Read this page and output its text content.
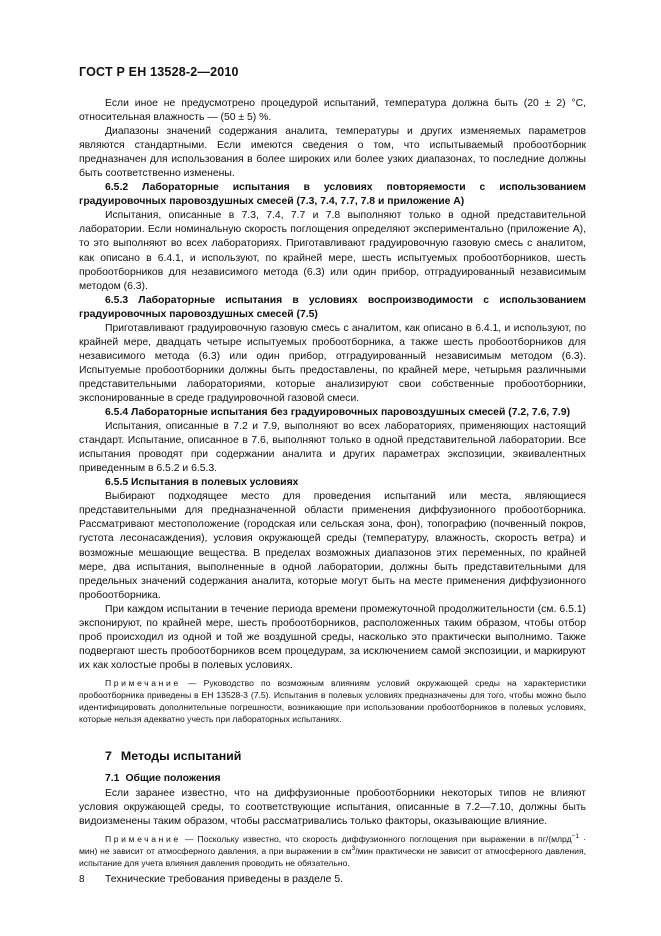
ГОСТ Р ЕН 13528-2—2010

Если иное не предусмотрено процедурой испытаний, температура должна быть (20 ± 2) °С, относительная влажность — (50 ± 5) %.

Диапазоны значений содержания аналита, температуры и других изменяемых параметров являются стандартными. Если имеются сведения о том, что испытываемый пробоотборник предназначен для использования в более широких или более узких диапазонах, то последние должны быть соответственно изменены.

6.5.2 Лабораторные испытания в условиях повторяемости с использованием градуировочных паровоздушных смесей (7.3, 7.4, 7.7, 7.8 и приложение А)

Испытания, описанные в 7.3, 7.4, 7.7 и 7.8 выполняют только в одной представительной лаборатории. Если номинальную скорость поглощения определяют экспериментально (приложение А), то это выполняют во всех лабораториях. Приготавливают градуировочную газовую смесь с аналитом, как описано в 6.4.1, и используют, по крайней мере, шесть испытуемых пробоотборников, шесть пробоотборников для независимого метода (6.3) или один прибор, отградуированный независимым методом (6.3).

6.5.3 Лабораторные испытания в условиях воспроизводимости с использованием градуировочных паровоздушных смесей (7.5)

Приготавливают градуировочную газовую смесь с аналитом, как описано в 6.4.1, и используют, по крайней мере, двадцать четыре испытуемых пробоотборника, а также шесть пробоотборников для независимого метода (6.3) или один прибор, отградуированный независимым методом (6.3). Испытуемые пробоотборники должны быть предоставлены, по крайней мере, четырьмя различными представительными лабораториями, которые анализируют свои собственные пробоотборники, экспонированные в среде градуировочной газовой смеси.

6.5.4 Лабораторные испытания без градуировочных паровоздушных смесей (7.2, 7.6, 7.9)

Испытания, описанные в 7.2 и 7.9, выполняют во всех лабораториях, применяющих настоящий стандарт. Испытание, описанное в 7.6, выполняют только в одной представительной лаборатории. Все испытания проводят при содержании аналита и других параметрах экспозиции, эквивалентных приведенным в 6.5.2 и 6.5.3.

6.5.5 Испытания в полевых условиях

Выбирают подходящее место для проведения испытаний или места, являющиеся представительными для предназначенной области применения диффузионного пробоотборника. Рассматривают местоположение (городская или сельская зона, фон), топографию (почвенный покров, густота лесонасаждения), условия окружающей среды (температуру, влажность, скорость ветра) и возможные мешающие вещества. В пределах возможных диапазонов этих переменных, по крайней мере, два испытания, выполненные в одной лаборатории, должны быть представительными для предельных значений содержания аналита, которые могут быть на месте применения диффузионного пробоотборника.

При каждом испытании в течение периода времени промежуточной продолжительности (см. 6.5.1) экспонируют, по крайней мере, шесть пробоотборников, расположенных таким образом, чтобы отбор проб происходил из одной и той же воздушной среды, насколько это практически выполнимо. Также подвергают шесть пробоотборников всем процедурам, за исключением самой экспозиции, и маркируют их как холостые пробы в полевых условиях.

Примечание — Руководство по возможным влияниям условий окружающей среды на характеристики пробоотборника приведены в ЕН 13528-3 (7.5). Испытания в полевых условиях предназначены для того, чтобы можно было идентифицировать дополнительные погрешности, возникающие при использовании пробоотборников в полевых условиях, которые нельзя адекватно учесть при лабораторных испытаниях.

7 Методы испытаний

7.1 Общие положения

Если заранее известно, что на диффузионные пробоотборники некоторых типов не влияют условия окружающей среды, то соответствующие испытания, описанные в 7.2—7.10, должны быть видоизменены таким образом, чтобы рассматривались только факторы, оказывающие влияние.

Примечание — Поскольку известно, что скорость диффузионного поглощения при выражении в пг/(млрд$^{-1}$ · мин) не зависит от атмосферного давления, а при выражении в $см^3$/мин практически не зависит от атмосферного давления, испытание для учета влияния давления проводить не обязательно.

Технические требования приведены в разделе 5.

8
